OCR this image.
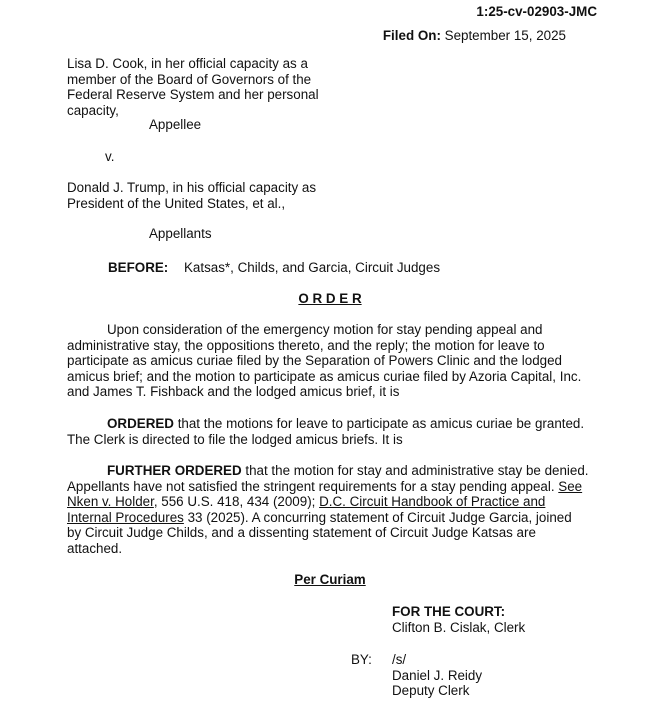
1:25-cv-02903-JMC
Filed On: September 15, 2025

Lisa D. Cook, in her official capacity as a

member of the Board of Governors of the

Federal Reserve System and her personal

capacity,

Appellee
v.

Donald J. Trump, in his official capacity as

President of the United States, et al.,

Appellants
BEFORE: Katsas*, Childs, and Garcia, Circuit Judges
O R D E R

Upon consideration of the emergency motion for stay pending appeal and

administrative stay, the oppositions thereto, and the reply; the motion for leave to

participate as amicus curiae filed by the Separation of Powers Clinic and the lodged

amicus brief; and the motion to participate as amicus curiae filed by Azoria Capital, Inc.

and James T. Fishback and the lodged amicus brief, it is

ORDERED that the motions for leave to participate as amicus curiae be granted.

The Clerk is directed to file the lodged amicus briefs. It is

FURTHER ORDERED that the motion for stay and administrative stay be denied.

Appellants have not satisfied the stringent requirements for a stay pending appeal. See

Nken v. Holder, 556 U.S. 418, 434 (2009); D.C. Circuit Handbook of Practice and

Internal Procedures 33 (2025). A concurring statement of Circuit Judge Garcia, joined

by Circuit Judge Childs, and a dissenting statement of Circuit Judge Katsas are

attached.

Per Curiam

FOR THE COURT:

Clifton B. Cislak, Clerk

BY: /s/

Daniel J. Reidy

Deputy Clerk
